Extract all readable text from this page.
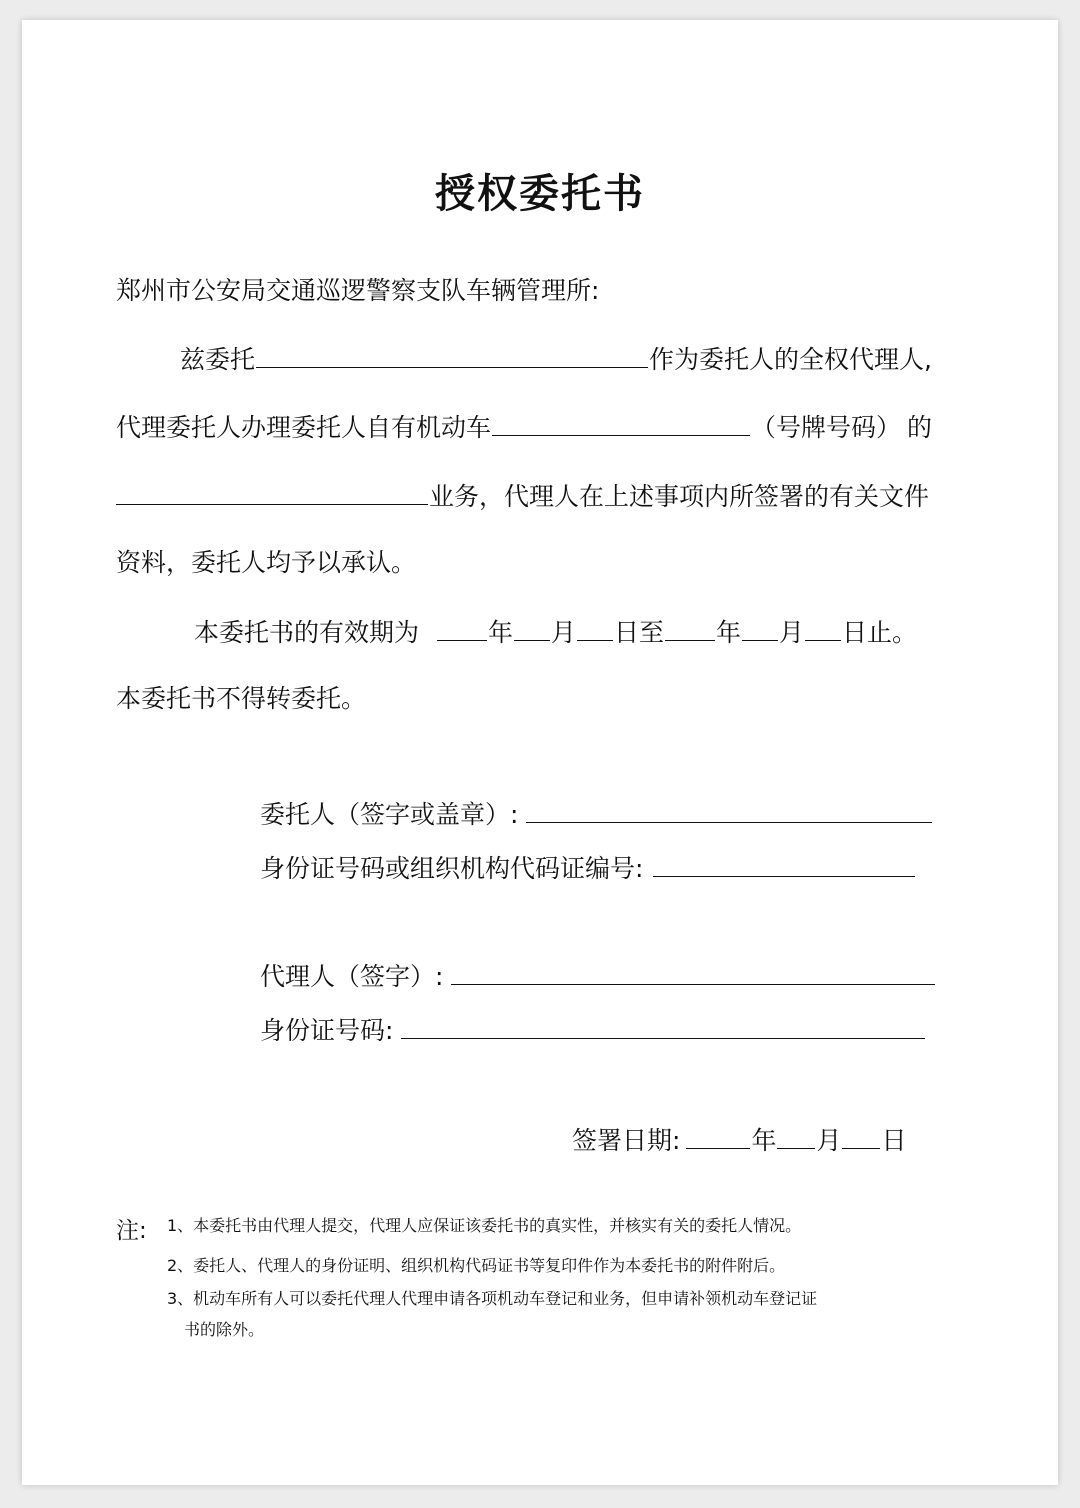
授权委托书
郑州市公安局交通巡逻警察支队车辆管理所:
兹委托	作为委托人的全权代理人,
代理委托人办理委托人自有机动车	（号牌号码） 的
业务，代理人在上述事项内所签署的有关文件
资料，委托人均予以承认。
本委托书的有效期为	年 月 日至 年 月 日止。
本委托书不得转委托。
委托人（签字或盖章）:
身份证号码或组织机构代码证编号:
代理人（签字）:
身份证号码:
签署日期:	年 月 日
注: 1、本委托书由代理人提交，代理人应保证该委托书的真实性，并核实有关的委托人情况。
2、委托人、代理人的身份证明、组织机构代码证书等复印件作为本委托书的附件附后。
3、机动车所有人可以委托代理人代理申请各项机动车登记和业务，但申请补领机动车登记证
书的除外。
